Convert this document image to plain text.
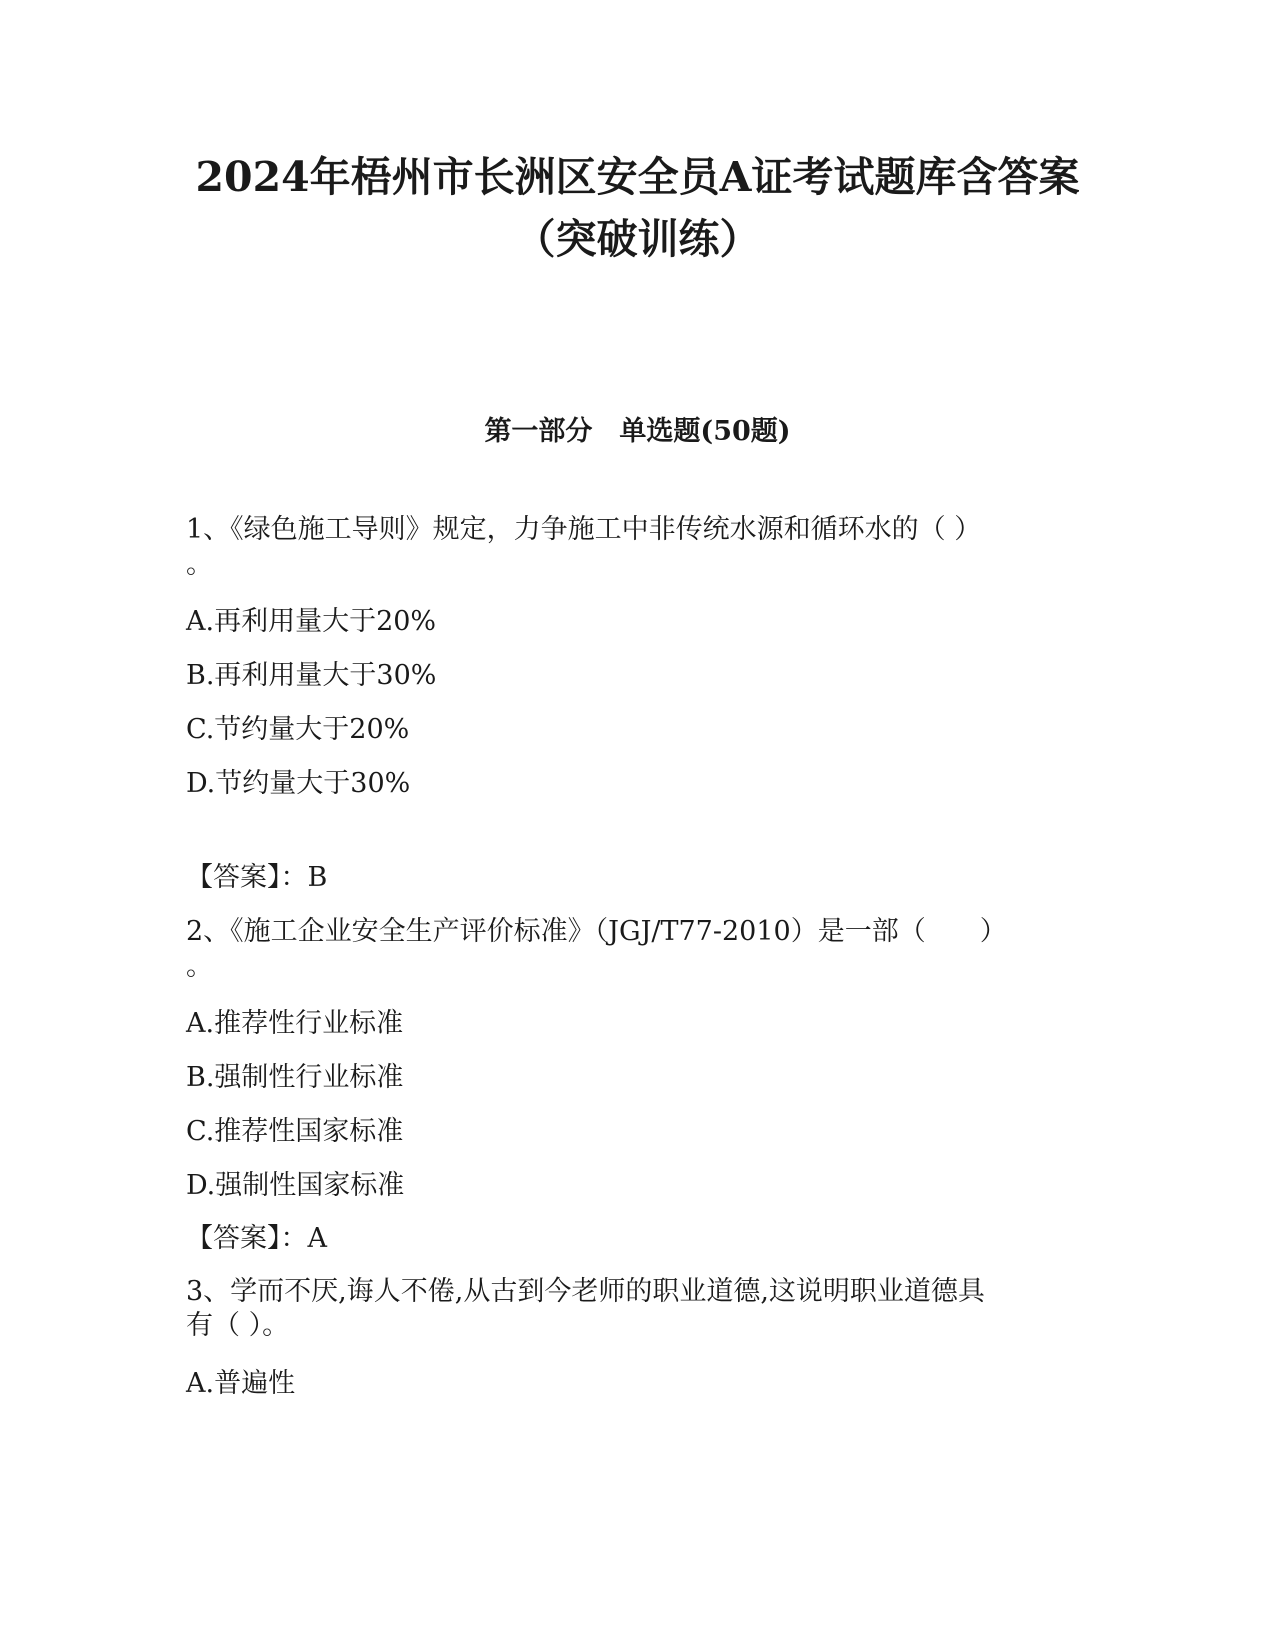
2024年梧州市长洲区安全员A证考试题库含答案
（突破训练）
第一部分　单选题(50题)

1、《绿色施工导则》规定，力争施工中非传统水源和循环水的（ ）

。

A.再利用量大于20%

B.再利用量大于30%

C.节约量大于20%

D.节约量大于30%

【答案】：B

2、《施工企业安全生产评价标准》（JGJ/T77-2010）是一部（　　）

。

A.推荐性行业标准

B.强制性行业标准

C.推荐性国家标准

D.强制性国家标准

【答案】：A

3、学而不厌,诲人不倦,从古到今老师的职业道德,这说明职业道德具

有（ ）。

A.普遍性
